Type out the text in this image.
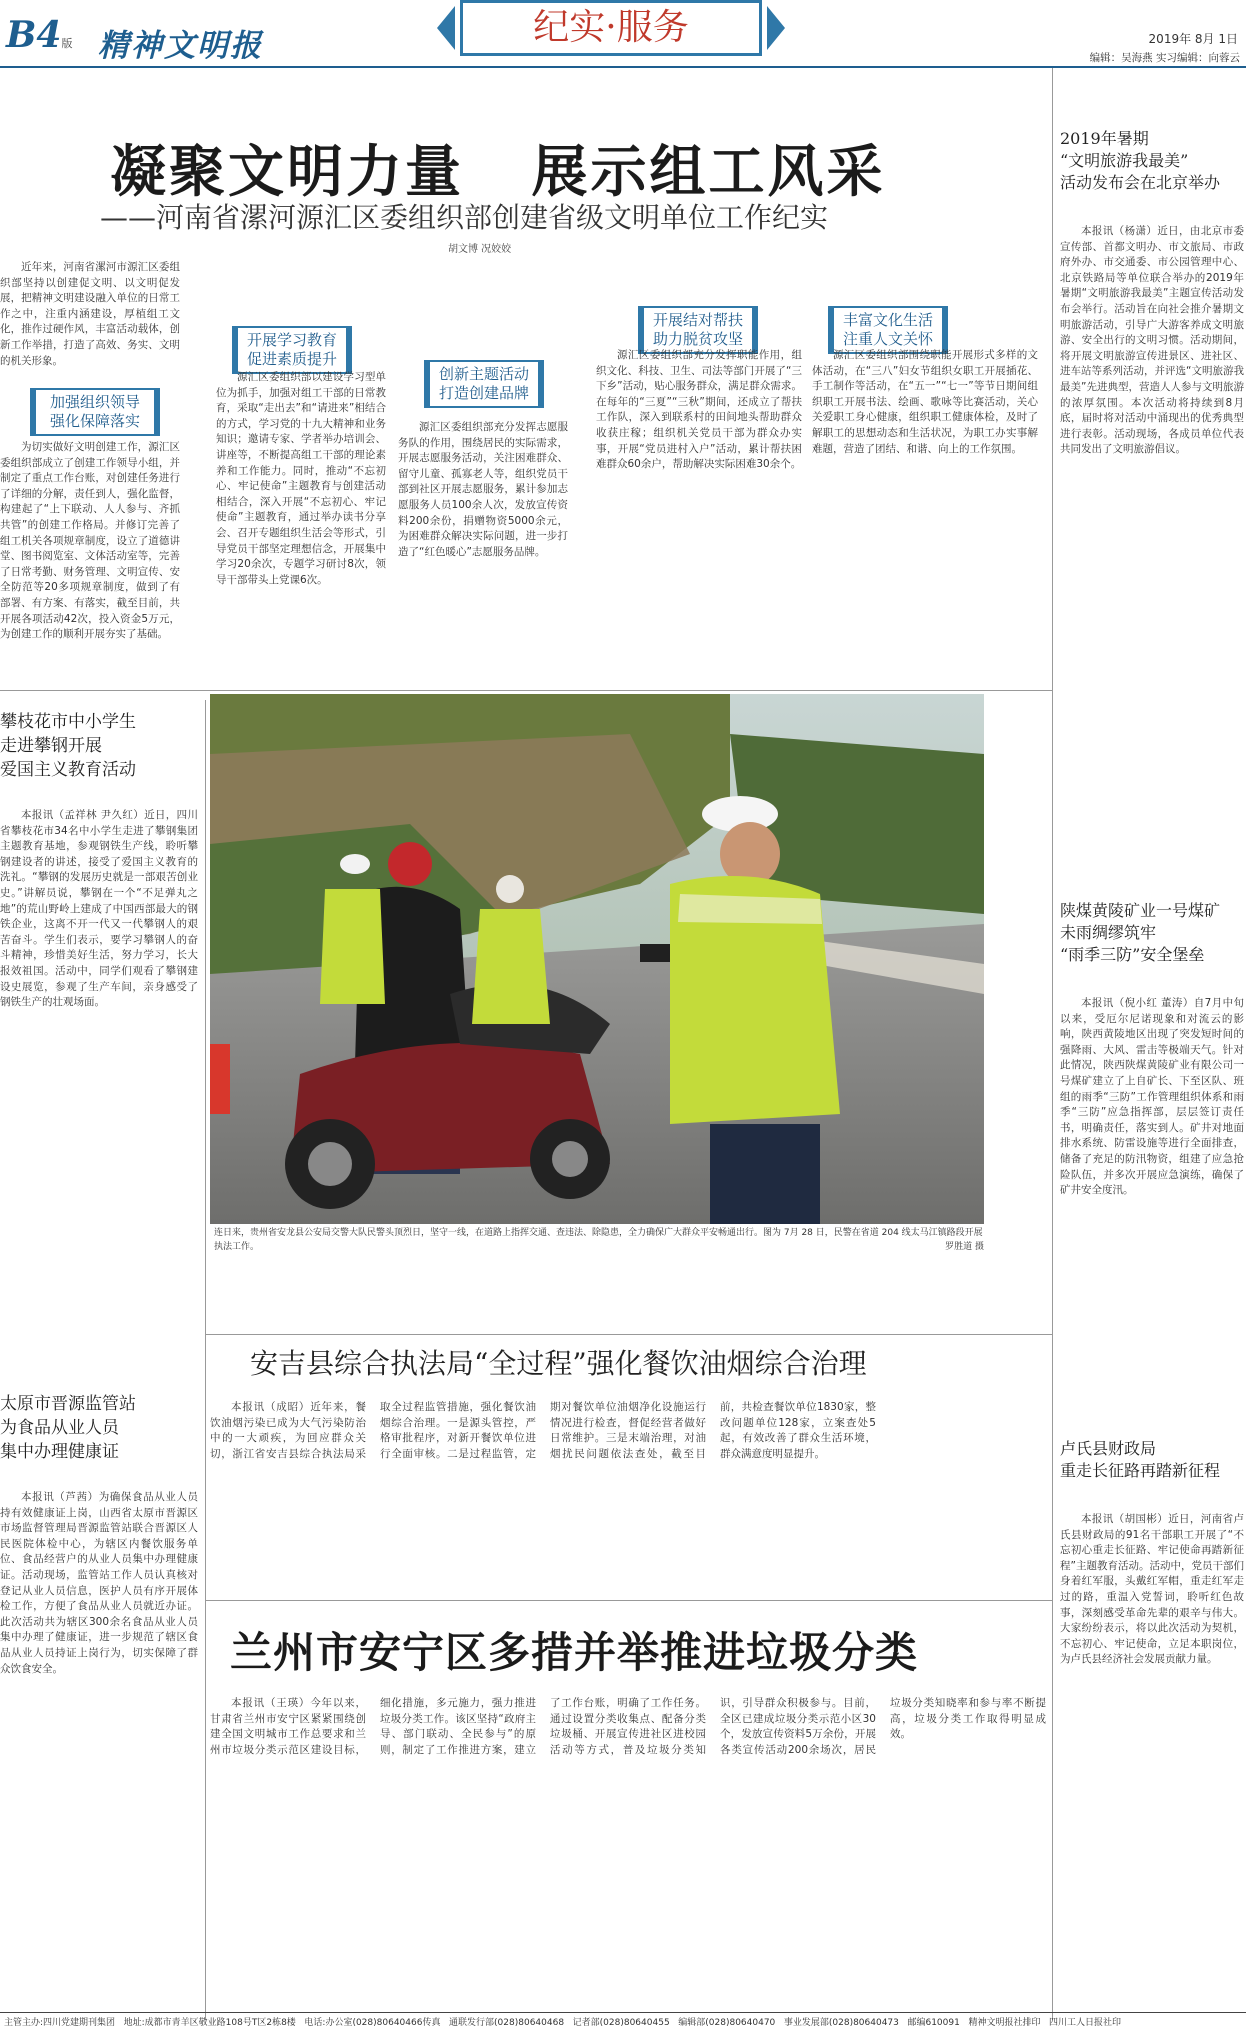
B4版 精神文明报	纪实·服务	2019年 8月 1日
编辑：吴海燕 实习编辑：向蓉云
凝聚文明力量   展示组工风采
——河南省漯河源汇区委组织部创建省级文明单位工作纪实
胡文博 况姣姣

近年来，河南省漯河市源汇区委组织部坚持以创建促文明、以文明促发展，把精神文明建设融入单位的日常工作之中，注重内涵建设，厚植组工文化，推作过硬作风，丰富活动载体，创新工作举措，打造了高效、务实、文明的机关形象。

加强组织领导
强化保障落实

为切实做好文明创建工作，源汇区委组织部成立了创建工作领导小组，并制定了重点工作台账，对创建任务进行了详细的分解，责任到人，强化监督，构建起了“上下联动、人人参与、齐抓共管”的创建工作格局。并修订完善了组工机关各项规章制度，设立了道德讲堂、图书阅览室、文体活动室等，完善了日常考勤、财务管理、文明宣传、安全防范等20多项规章制度，做到了有部署、有方案、有落实，截至目前，共开展各项活动42次，投入资金5万元，为创建工作的顺利开展夯实了基础。

开展学习教育
促进素质提升

源汇区委组织部以建设学习型单位为抓手，加强对组工干部的日常教育，采取“走出去”和“请进来”相结合的方式，学习党的十九大精神和业务知识；邀请专家、学者举办培训会、讲座等，不断提高组工干部的理论素养和工作能力。同时，推动“不忘初心、牢记使命”主题教育与创建活动相结合，深入开展“不忘初心、牢记使命”主题教育，通过举办读书分享会、召开专题组织生活会等形式，引导党员干部坚定理想信念，开展集中学习20余次，专题学习研讨8次，领导干部带头上党课6次。

创新主题活动
打造创建品牌

源汇区委组织部充分发挥志愿服务队的作用，围绕居民的实际需求，开展志愿服务活动，关注困难群众、留守儿童、孤寡老人等，组织党员干部到社区开展志愿服务，累计参加志愿服务人员100余人次，发放宣传资料200余份，捐赠物资5000余元，为困难群众解决实际问题，进一步打造了“红色暖心”志愿服务品牌。

开展结对帮扶
助力脱贫攻坚

源汇区委组织部充分发挥职能作用，组织文化、科技、卫生、司法等部门开展了“三下乡”活动，贴心服务群众，满足群众需求。在每年的“三夏”“三秋”期间，还成立了帮扶工作队，深入到联系村的田间地头帮助群众收获庄稼；组织机关党员干部为群众办实事，开展“党员进村入户”活动，累计帮扶困难群众60余户，帮助解决实际困难30余个。

丰富文化生活
注重人文关怀

源汇区委组织部围绕职能开展形式多样的文体活动，在“三八”妇女节组织女职工开展插花、手工制作等活动，在“五一”“七一”等节日期间组织职工开展书法、绘画、歌咏等比赛活动，关心关爱职工身心健康，组织职工健康体检，及时了解职工的思想动态和生活状况，为职工办实事解难题，营造了团结、和谐、向上的工作氛围。

2019年暑期
“文明旅游我最美”
活动发布会在北京举办

本报讯（杨潇）近日，由北京市委宣传部、首都文明办、市文旅局、市政府外办、市交通委、市公园管理中心、北京铁路局等单位联合举办的2019年暑期“文明旅游我最美”主题宣传活动发布会举行。活动旨在向社会推介暑期文明旅游活动，引导广大游客养成文明旅游、安全出行的文明习惯。活动期间，将开展文明旅游宣传进景区、进社区、进车站等系列活动，并评选“文明旅游我最美”先进典型，营造人人参与文明旅游的浓厚氛围。本次活动将持续到8月底，届时将对活动中涌现出的优秀典型进行表彰。活动现场，各成员单位代表共同发出了文明旅游倡议。

陕煤黄陵矿业一号煤矿
未雨绸缪筑牢
“雨季三防”安全堡垒

本报讯（倪小红 董涛）自7月中旬以来，受厄尔尼诺现象和对流云的影响，陕西黄陵地区出现了突发短时间的强降雨、大风、雷击等极端天气。针对此情况，陕西陕煤黄陵矿业有限公司一号煤矿建立了上自矿长、下至区队、班组的雨季“三防”工作管理组织体系和雨季“三防”应急指挥部，层层签订责任书，明确责任，落实到人。矿井对地面排水系统、防雷设施等进行全面排查，储备了充足的防汛物资，组建了应急抢险队伍，并多次开展应急演练，确保了矿井安全度汛。

卢氏县财政局
重走长征路再踏新征程

本报讯（胡国彬）近日，河南省卢氏县财政局的91名干部职工开展了“不忘初心重走长征路、牢记使命再踏新征程”主题教育活动。活动中，党员干部们身着红军服，头戴红军帽，重走红军走过的路，重温入党誓词，聆听红色故事，深刻感受革命先辈的艰辛与伟大。大家纷纷表示，将以此次活动为契机，不忘初心、牢记使命，立足本职岗位，为卢氏县经济社会发展贡献力量。

攀枝花市中小学生
走进攀钢开展
爱国主义教育活动

本报讯（孟祥林 尹久红）近日，四川省攀枝花市34名中小学生走进了攀钢集团主题教育基地，参观钢铁生产线，聆听攀钢建设者的讲述，接受了爱国主义教育的洗礼。“攀钢的发展历史就是一部艰苦创业史。”讲解员说，攀钢在一个“不足弹丸之地”的荒山野岭上建成了中国西部最大的钢铁企业，这离不开一代又一代攀钢人的艰苦奋斗。学生们表示，要学习攀钢人的奋斗精神，珍惜美好生活，努力学习，长大报效祖国。活动中，同学们观看了攀钢建设史展览，参观了生产车间，亲身感受了钢铁生产的壮观场面。

太原市晋源监管站
为食品从业人员
集中办理健康证

本报讯（芦茜）为确保食品从业人员持有效健康证上岗，山西省太原市晋源区市场监督管理局晋源监管站联合晋源区人民医院体检中心，为辖区内餐饮服务单位、食品经营户的从业人员集中办理健康证。活动现场，监管站工作人员认真核对登记从业人员信息，医护人员有序开展体检工作，方便了食品从业人员就近办证。此次活动共为辖区300余名食品从业人员集中办理了健康证，进一步规范了辖区食品从业人员持证上岗行为，切实保障了群众饮食安全。

连日来，贵州省安龙县公安局交警大队民警头顶烈日，坚守一线，在道路上指挥交通、查违法、除隐患，全力确保广大群众平安畅通出行。图为 7月 28 日，民警在省道 204 线太马江镇路段开展执法工作。	罗胜道 摄
安吉县综合执法局“全过程”强化餐饮油烟综合治理

本报讯（成昭）近年来，餐饮油烟污染已成为大气污染防治中的一大顽疾，为回应群众关切，浙江省安吉县综合执法局采取全过程监管措施，强化餐饮油烟综合治理。一是源头管控，严格审批程序，对新开餐饮单位进行全面审核。二是过程监管，定期对餐饮单位油烟净化设施运行情况进行检查，督促经营者做好日常维护。三是末端治理，对油烟扰民问题依法查处，截至目前，共检查餐饮单位1830家，整改问题单位128家，立案查处5起，有效改善了群众生活环境，群众满意度明显提升。

兰州市安宁区多措并举推进垃圾分类

本报讯（王瑛）今年以来，甘肃省兰州市安宁区紧紧围绕创建全国文明城市工作总要求和兰州市垃圾分类示范区建设目标，细化措施，多元施力，强力推进垃圾分类工作。该区坚持“政府主导、部门联动、全民参与”的原则，制定了工作推进方案，建立了工作台账，明确了工作任务。通过设置分类收集点、配备分类垃圾桶、开展宣传进社区进校园活动等方式，普及垃圾分类知识，引导群众积极参与。目前，全区已建成垃圾分类示范小区30个，发放宣传资料5万余份，开展各类宣传活动200余场次，居民垃圾分类知晓率和参与率不断提高，垃圾分类工作取得明显成效。

主管主办:四川党建期刊集团 地址:成都市青羊区敬业路108号T区2栋8楼 电话:办公室(028)80640466传真 通联发行部(028)80640468 记者部(028)80640455 编辑部(028)80640470 事业发展部(028)80640473 邮编610091 精神文明报社排印 四川工人日报社印
